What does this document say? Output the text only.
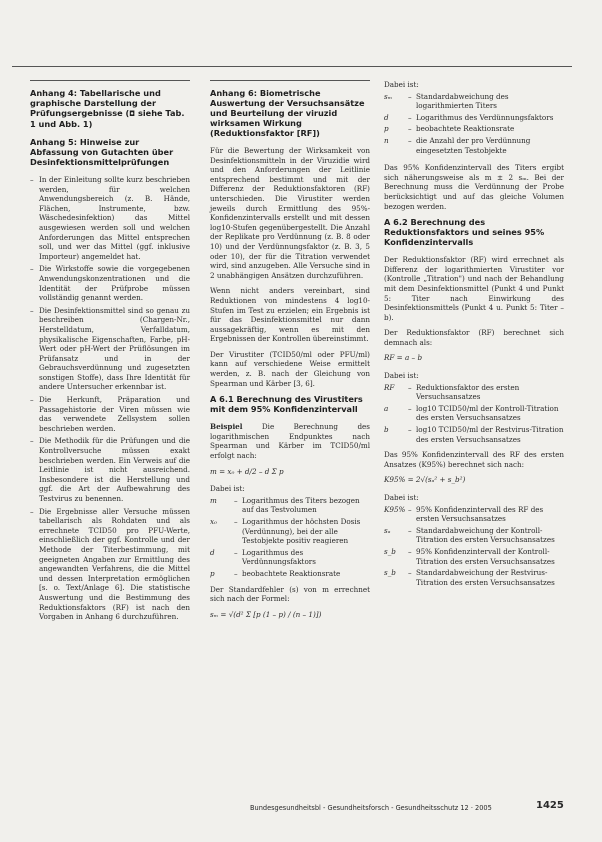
Anhang 4: Tabellarische und graphische Darstellung der Prüfungsergebnisse (◘ siehe Tab. 1 und Abb. 1)
Anhang 5: Hinweise zur Abfassung von Gutachten über Desinfektionsmittelprüfungen
– In der Einleitung sollte kurz beschrieben werden, für welchen Anwendungsbereich (z. B. Hände, Flächen, Instrumente, bzw. Wäschedesinfektion) das Mittel ausgewiesen werden soll und welchen Anforderungen das Mittel entsprechen soll, und wer das Mittel (ggf. inklusive Importeur) angemeldet hat.
– Die Wirkstoffe sowie die vorgegebenen Anwendungskonzentrationen und die Identität der Prüfprobe müssen vollständig genannt werden.
– Die Desinfektionsmittel sind so genau zu beschreiben (Chargen-Nr., Herstelldatum, Verfalldatum, physikalische Eigenschaften, Farbe, pH-Wert oder pH-Wert der Prüflösungen im Prüfansatz und in der Gebrauchsverdünnung und zugesetzten sonstigen Stoffe), dass Ihre Identität für andere Untersucher erkennbar ist.
– Die Herkunft, Präparation und Passagehistorie der Viren müssen wie das verwendete Zellsystem sollen beschrieben werden.
– Die Methodik für die Prüfungen und die Kontrollversuche müssen exakt beschrieben werden. Ein Verweis auf die Leitlinie ist nicht ausreichend. Insbesondere ist die Herstellung und ggf. die Art der Aufbewahrung des Testvirus zu benennen.
– Die Ergebnisse aller Versuche müssen tabellarisch als Rohdaten und als errechnete TCID50 pro PFU-Werte, einschließlich der ggf. Kontrolle und der Methode der Titerbestimmung, mit geeigneten Angaben zur Ermittlung des angewandten Verfahrens, die die Mittel und dessen Interpretation ermöglichen [s. o. Text/Anlage 6]. Die statistische Auswertung und die Bestimmung des Reduktionsfaktors (RF) ist nach den Vorgaben in Anhang 6 durchzuführen.
Anhang 6: Biometrische Auswertung der Versuchsansätze und Beurteilung der viruzid wirksamen Wirkung (Reduktionsfaktor [RF])

Für die Bewertung der Wirksamkeit von Desinfektionsmitteln in der Viruzidie wird und den Anforderungen der Leitlinie entsprechend bestimmt und mit der Differenz der Reduktionsfaktoren (RF) unterschieden. Die Virustiter werden jeweils durch Ermittlung des 95%-Konfidenzintervalls erstellt und mit dessen log10-Stufen gegenübergestellt. Die Anzahl der Replikate pro Verdünnung (z. B. 8 oder 10) und der Verdünnungsfaktor (z. B. 3, 5 oder 10), der für die Titration verwendet wird, sind anzugeben. Alle Versuche sind in 2 unabhängigen Ansätzen durchzuführen.

Wenn nicht anders vereinbart, sind Reduktionen von mindestens 4 log10-Stufen im Test zu erzielen; ein Ergebnis ist für das Desinfektionsmittel nur dann aussagekräftig, wenn es mit den Ergebnissen der Kontrollen übereinstimmt.

Der Virustiter (TCID50/ml oder PFU/ml) kann auf verschiedene Weise ermittelt werden, z. B. nach der Gleichung von Spearman und Kärber [3, 6].

A 6.1 Berechnung des Virustiters mit dem 95% Konfidenzintervall

Beispiel Die Berechnung des logarithmischen Endpunktes nach Spearman und Kärber im TCID50/ml erfolgt nach:

m = x₀ + d/2 – d Σ p
Dabei ist:
m	– Logarithmus des Titers bezogen auf das Testvolumen
x₀	– Logarithmus der höchsten Dosis (Verdünnung), bei der alle Testobjekte positiv reagieren
d	– Logarithmus des Verdünnungsfaktors
p	– beobachtete Reaktionsrate

Der Standardfehler (s) von m errechnet sich nach der Formel:

sₘ = √(d² Σ [p (1 – p) / (n – 1)])
Dabei ist:
sₘ	– Standardabweichung des logarithmierten Titers
d	– Logarithmus des Verdünnungsfaktors
p	– beobachtete Reaktionsrate
n	– die Anzahl der pro Verdünnung eingesetzten Testobjekte

Das 95% Konfidenzintervall des Titers ergibt sich näherungsweise als m ± 2 sₘ. Bei der Berechnung muss die Verdünnung der Probe berücksichtigt und auf das gleiche Volumen bezogen werden.

A 6.2 Berechnung des Reduktionsfaktors und seines 95% Konfidenzintervalls

Der Reduktionsfaktor (RF) wird errechnet als Differenz der logarithmierten Virustiter vor (Kontrolle „Titration") und nach der Behandlung mit dem Desinfektionsmittel (Punkt 4 und Punkt 5: Titer nach Einwirkung des Desinfektionsmittels (Punkt 4 u. Punkt 5: Titer – b).

Der Reduktionsfaktor (RF) berechnet sich demnach als:

RF = a – b
Dabei ist:
RF	– Reduktionsfaktor des ersten Versuchsansatzes
a	– log10 TCID50/ml der Kontroll-Titration des ersten Versuchsansatzes
b	– log10 TCID50/ml der Restvirus-Titration des ersten Versuchsansatzes

Das 95% Konfidenzintervall des RF des ersten Ansatzes (K95%) berechnet sich nach:

K95% = 2√(sₐ² + s_b²)
Dabei ist:
K95% – 95% Konfidenzintervall des RF des ersten Versuchsansatzes
sₐ	– Standardabweichung der Kontroll-Titration des ersten Versuchsansatzes
s_b	– 95% Konfidenzintervall der Kontroll-Titration des ersten Versuchsansatzes
s_b	– Standardabweichung der Restvirus-Titration des ersten Versuchsansatzes
Bundesgesundheitsbl - Gesundheitsforsch - Gesundheitsschutz 12 · 2005	1425
